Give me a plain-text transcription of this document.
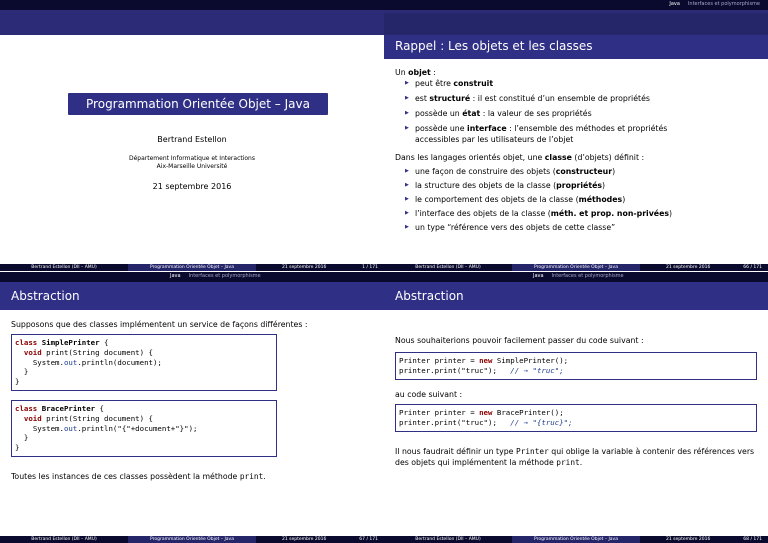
Programmation Orientée Objet – Java
Bertrand Estellon
Département Informatique et Interactions
Aix-Marseille Université
21 septembre 2016
Bertrand Estellon (DII – AMU)	Programmation Orientée Objet – Java	21 septembre 2016	1 / 171
Java Interfaces et polymorphisme
Rappel : Les objets et les classes
Un objet :
▶ peut être construit
▶ est structuré : il est constitué d’un ensemble de propriétés
▶ possède un état : la valeur de ses propriétés
▶ possède une interface : l’ensemble des méthodes et propriétés accessibles par les utilisateurs de l’objet
Dans les langages orientés objet, une classe (d’objets) définit :
▶ une façon de construire des objets (constructeur)
▶ la structure des objets de la classe (propriétés)
▶ le comportement des objets de la classe (méthodes)
▶ l’interface des objets de la classe (méth. et prop. non-privées)
▶ un type “référence vers des objets de cette classe”
Bertrand Estellon (DII – AMU)	Programmation Orientée Objet – Java	21 septembre 2016	66 / 171
Java Interfaces et polymorphisme
Abstraction
Supposons que des classes implémentent un service de façons différentes :
class SimplePrinter {
void print(String document) {
System.out.println(document);
}
}
class BracePrinter {
void print(String document) {
System.out.println("{"+document+"}");
}
}
Toutes les instances de ces classes possèdent la méthode print.
Bertrand Estellon (DII – AMU)	Programmation Orientée Objet – Java	21 septembre 2016	67 / 171
Java Interfaces et polymorphisme
Abstraction
Nous souhaiterions pouvoir facilement passer du code suivant :
Printer printer = new SimplePrinter();
printer.print("truc");   // → "truc";
au code suivant :
Printer printer = new BracePrinter();
printer.print("truc");   // → "{truc}";
Il nous faudrait définir un type Printer qui oblige la variable à contenir des références vers des objets qui implémentent la méthode print.
Bertrand Estellon (DII – AMU)	Programmation Orientée Objet – Java	21 septembre 2016	68 / 171
